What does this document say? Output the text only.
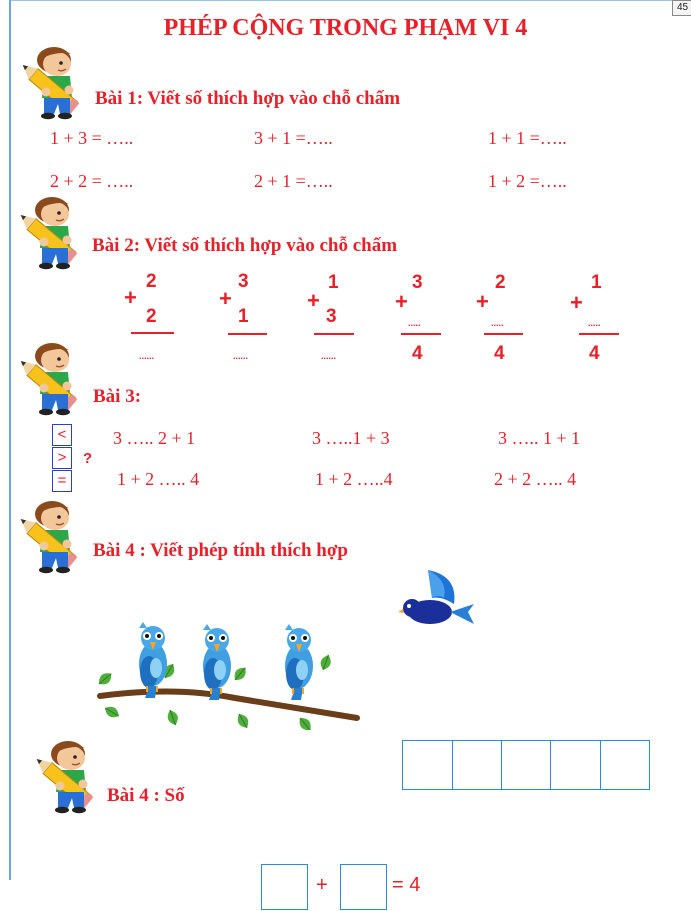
45
PHÉP CỘNG TRONG PHẠM VI 4
Bài 1: Viết số thích hợp vào chỗ chấm
1 + 3 = …..	3 + 1 =…..	1 + 1 =…..
2 + 2 = …..	2 + 1 =…..	1 + 2 =…..
Bài 2: Viết số thích hợp vào chỗ chấm
+
2
2
......
+
3
1
......
+
1
3
......
+
3
.....
4
+
2
.....
4
+
1
.....
4
Bài 3:
<
>
=
?
3 ….. 2 + 1	3 …..1 + 3	3 ….. 1 + 1
1 + 2 ….. 4	1 + 2 …..4	2 + 2 ….. 4
Bài 4 : Viết phép tính thích hợp
Bài 4 : Số
+	= 4
